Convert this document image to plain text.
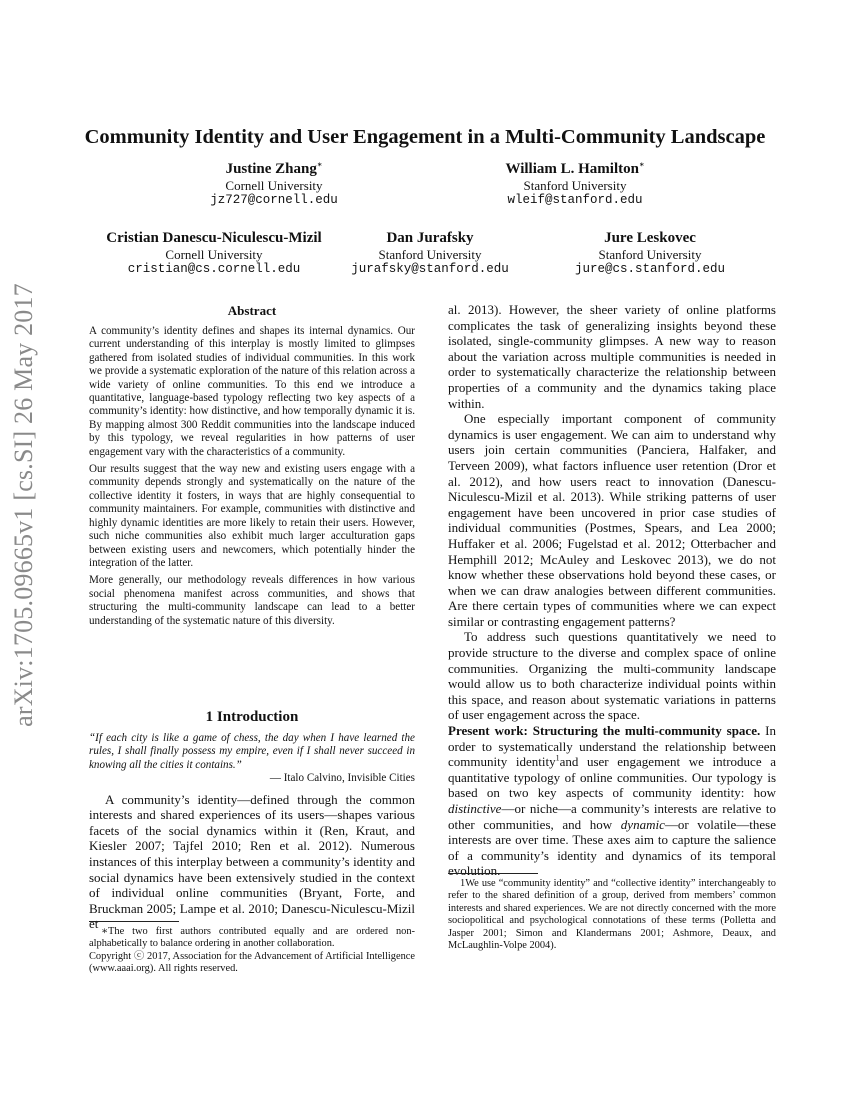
arXiv:1705.09665v1 [cs.SI] 26 May 2017
Community Identity and User Engagement in a Multi-Community Landscape
Justine Zhang∗
Cornell University
jz727@cornell.edu
William L. Hamilton∗
Stanford University
wleif@stanford.edu
Cristian Danescu-Niculescu-Mizil
Cornell University
cristian@cs.cornell.edu
Dan Jurafsky
Stanford University
jurafsky@stanford.edu
Jure Leskovec
Stanford University
jure@cs.stanford.edu
Abstract

A community’s identity defines and shapes its internal dynamics. Our current understanding of this interplay is mostly limited to glimpses gathered from isolated studies of individual communities. In this work we provide a systematic exploration of the nature of this relation across a wide variety of online communities. To this end we introduce a quantitative, language-based typology reflecting two key aspects of a community’s identity: how distinctive, and how temporally dynamic it is. By mapping almost 300 Reddit communities into the landscape induced by this typology, we reveal regularities in how patterns of user engagement vary with the characteristics of a community.

Our results suggest that the way new and existing users engage with a community depends strongly and systematically on the nature of the collective identity it fosters, in ways that are highly consequential to community maintainers. For example, communities with distinctive and highly dynamic identities are more likely to retain their users. However, such niche communities also exhibit much larger acculturation gaps between existing users and newcomers, which potentially hinder the integration of the latter.

More generally, our methodology reveals differences in how various social phenomena manifest across communities, and shows that structuring the multi-community landscape can lead to a better understanding of the systematic nature of this diversity.

1 Introduction

“If each city is like a game of chess, the day when I have learned the rules, I shall finally possess my empire, even if I shall never succeed in knowing all the cities it contains.”

— Italo Calvino, Invisible Cities

A community’s identity—defined through the common interests and shared experiences of its users—shapes various facets of the social dynamics within it (Ren, Kraut, and Kiesler 2007; Tajfel 2010; Ren et al. 2012). Numerous instances of this interplay between a community’s identity and social dynamics have been extensively studied in the context of individual online communities (Bryant, Forte, and Bruckman 2005; Lampe et al. 2010; Danescu-Niculescu-Mizil et

∗The two first authors contributed equally and are ordered non-alphabetically to balance ordering in another collaboration.

Copyright ⓒ 2017, Association for the Advancement of Artificial Intelligence (www.aaai.org). All rights reserved.

al. 2013). However, the sheer variety of online platforms complicates the task of generalizing insights beyond these isolated, single-community glimpses. A new way to reason about the variation across multiple communities is needed in order to systematically characterize the relationship between properties of a community and the dynamics taking place within.

One especially important component of community dynamics is user engagement. We can aim to understand why users join certain communities (Panciera, Halfaker, and Terveen 2009), what factors influence user retention (Dror et al. 2012), and how users react to innovation (Danescu-Niculescu-Mizil et al. 2013). While striking patterns of user engagement have been uncovered in prior case studies of individual communities (Postmes, Spears, and Lea 2000; Huffaker et al. 2006; Fugelstad et al. 2012; Otterbacher and Hemphill 2012; McAuley and Leskovec 2013), we do not know whether these observations hold beyond these cases, or when we can draw analogies between different communities. Are there certain types of communities where we can expect similar or contrasting engagement patterns?

To address such questions quantitatively we need to provide structure to the diverse and complex space of online communities. Organizing the multi-community landscape would allow us to both characterize individual points within this space, and reason about systematic variations in patterns of user engagement across the space.

Present work: Structuring the multi-community space. In order to systematically understand the relationship between community identity$^1$and user engagement we introduce a quantitative typology of online communities. Our typology is based on two key aspects of community identity: how distinctive—or niche—a community’s interests are relative to other communities, and how dynamic—or volatile—these interests are over time. These axes aim to capture the salience of a community’s identity and dynamics of its temporal evolution.

1We use “community identity” and “collective identity” interchangeably to refer to the shared definition of a group, derived from members’ common interests and shared experiences. We are not directly concerned with the more sociopolitical and psychological connotations of these terms (Polletta and Jasper 2001; Simon and Klandermans 2001; Ashmore, Deaux, and McLaughlin-Volpe 2004).
